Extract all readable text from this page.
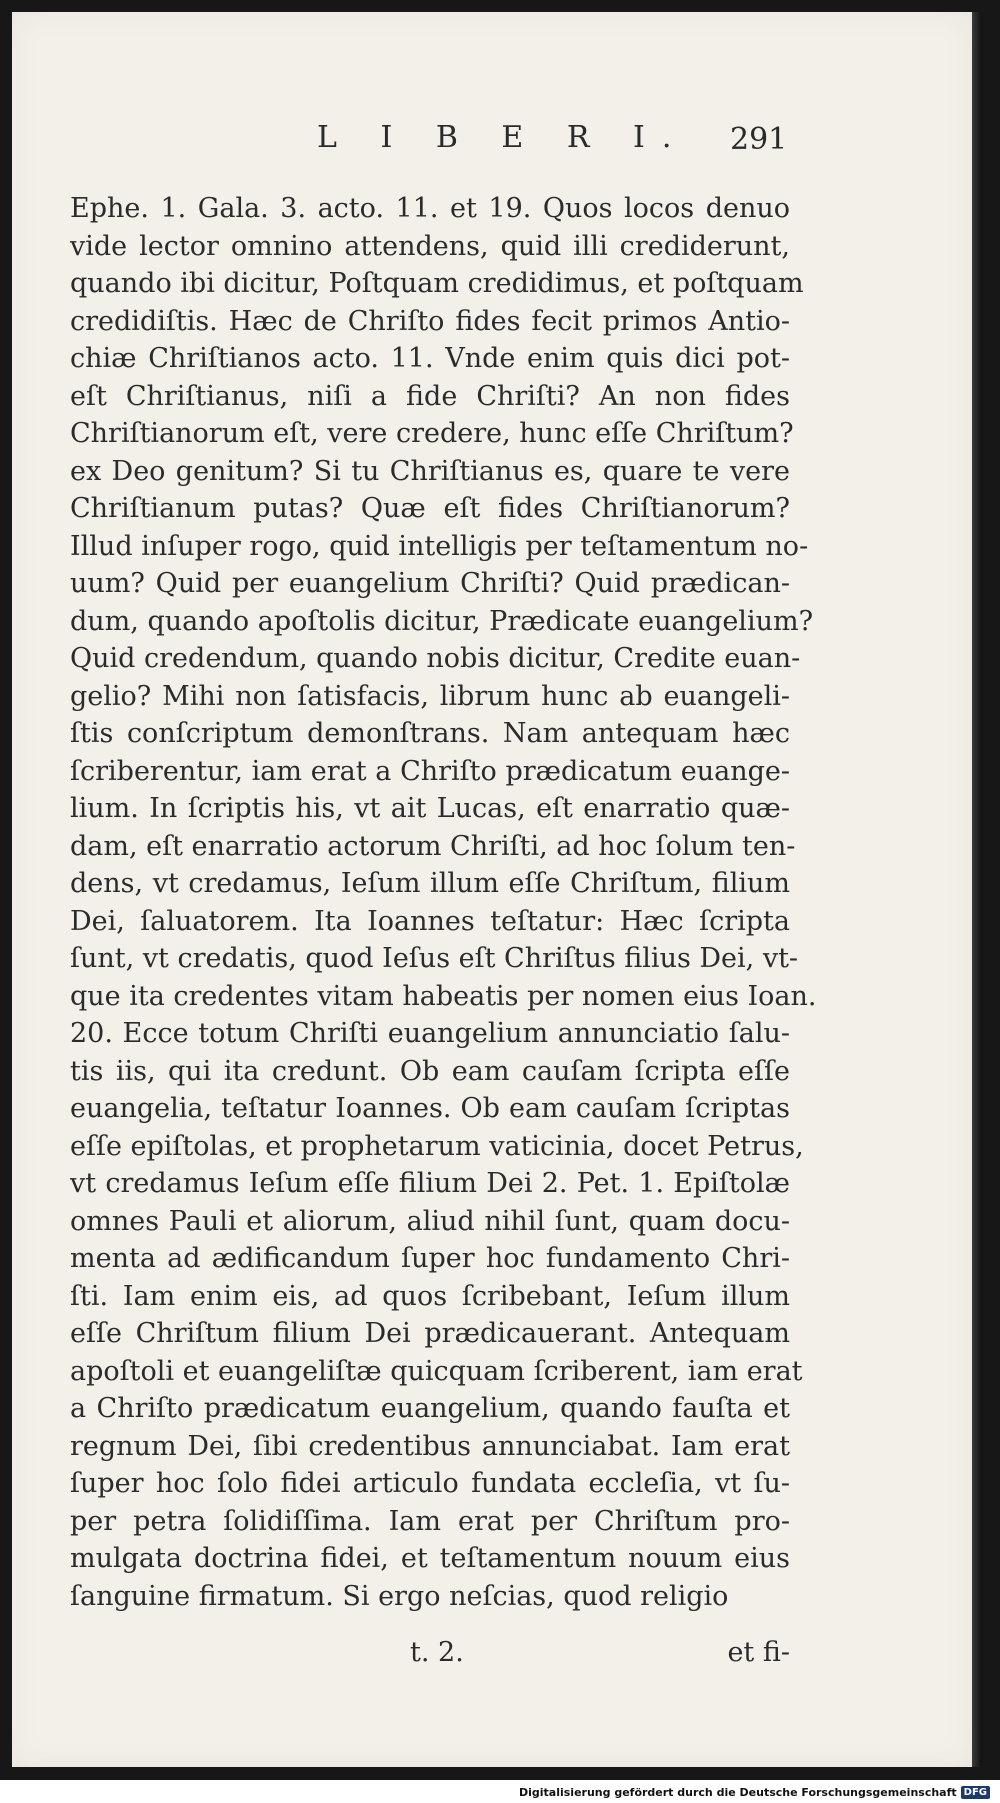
L I B E R I. 291
Ephe. 1. Gala. 3. acto. 11. et 19. Quos locos denuo
vide lector omnino attendens, quid illi crediderunt,
quando ibi dicitur, Poſtquam credidimus, et poſtquam
credidiſtis. Hæc de Chriſto fides fecit primos Antio-
chiæ Chriſtianos acto. 11. Vnde enim quis dici pot-
eſt Chriſtianus, niſi a fide Chriſti? An non fides
Chriſtianorum eſt, vere credere, hunc eſſe Chriſtum?
ex Deo genitum? Si tu Chriſtianus es, quare te vere
Chriſtianum putas? Quæ eſt fides Chriſtianorum?
Illud inſuper rogo, quid intelligis per teſtamentum no-
uum? Quid per euangelium Chriſti? Quid prædican-
dum, quando apoſtolis dicitur, Prædicate euangelium?
Quid credendum, quando nobis dicitur, Credite euan-
gelio? Mihi non ſatisfacis, librum hunc ab euangeli-
ſtis conſcriptum demonſtrans. Nam antequam hæc
ſcriberentur, iam erat a Chriſto prædicatum euange-
lium. In ſcriptis his, vt ait Lucas, eſt enarratio quæ-
dam, eſt enarratio actorum Chriſti, ad hoc ſolum ten-
dens, vt credamus, Ieſum illum eſſe Chriſtum, filium
Dei, ſaluatorem. Ita Ioannes teſtatur: Hæc ſcripta
ſunt, vt credatis, quod Ieſus eſt Chriſtus filius Dei, vt-
que ita credentes vitam habeatis per nomen eius Ioan.
20. Ecce totum Chriſti euangelium annunciatio ſalu-
tis iis, qui ita credunt. Ob eam cauſam ſcripta eſſe
euangelia, teſtatur Ioannes. Ob eam cauſam ſcriptas
eſſe epiſtolas, et prophetarum vaticinia, docet Petrus,
vt credamus Ieſum eſſe filium Dei 2. Pet. 1. Epiſtolæ
omnes Pauli et aliorum, aliud nihil ſunt, quam docu-
menta ad ædificandum ſuper hoc fundamento Chri-
ſti. Iam enim eis, ad quos ſcribebant, Ieſum illum
eſſe Chriſtum filium Dei prædicauerant. Antequam
apoſtoli et euangeliſtæ quicquam ſcriberent, iam erat
a Chriſto prædicatum euangelium, quando fauſta et
regnum Dei, ſibi credentibus annunciabat. Iam erat
ſuper hoc ſolo fidei articulo fundata eccleſia, vt ſu-
per petra ſolidiſſima. Iam erat per Chriſtum pro-
mulgata doctrina fidei, et teſtamentum nouum eius
ſanguine firmatum. Si ergo neſcias, quod religio
t. 2.	et fi-
Digitalisierung gefördert durch die Deutsche Forschungsgemeinschaft DFG
